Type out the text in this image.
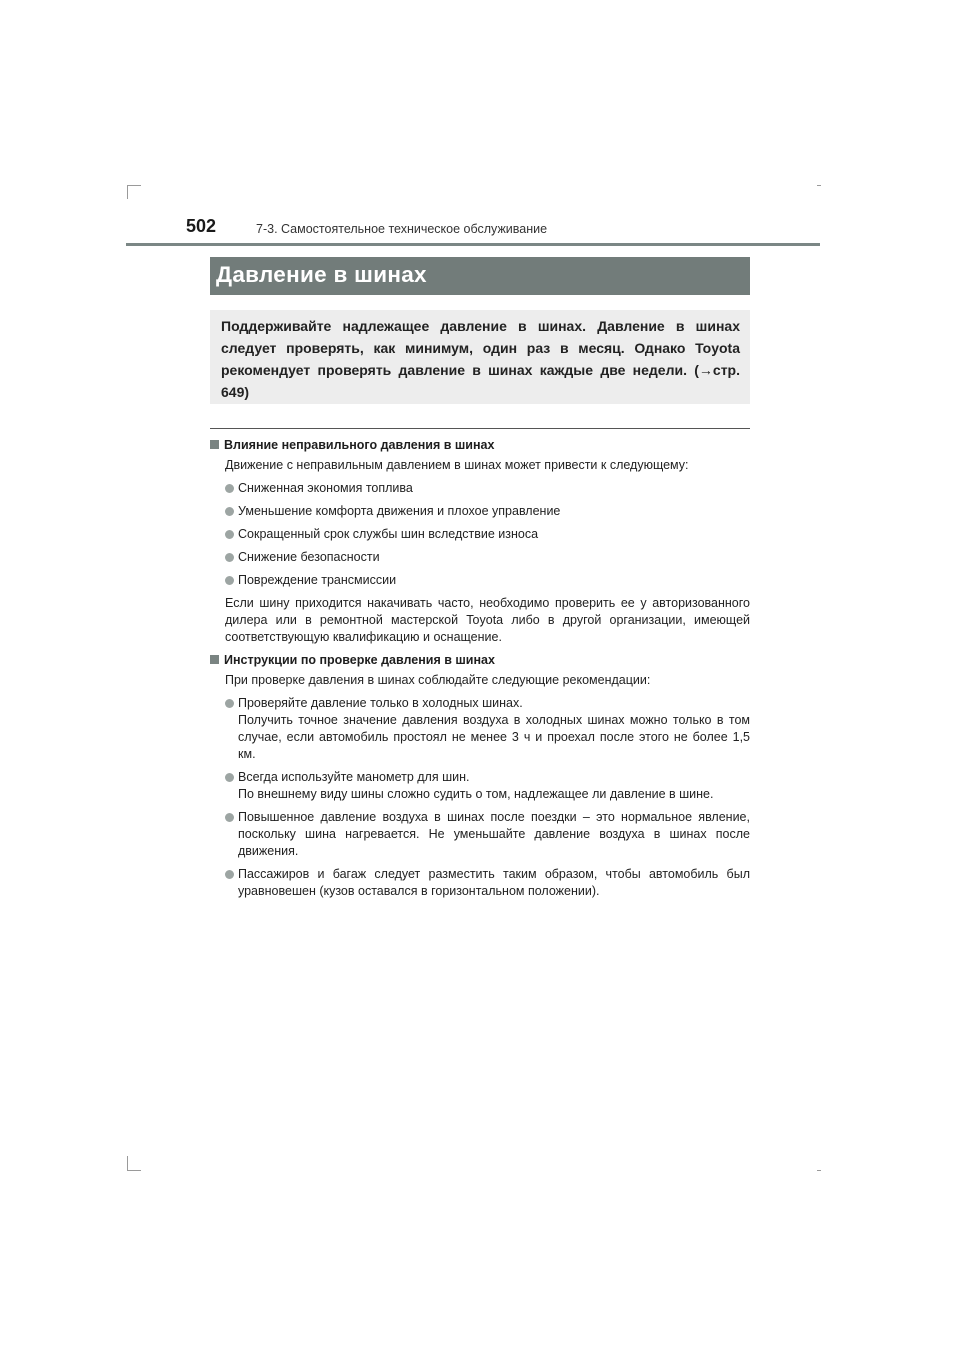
502	7-3. Самостоятельное техническое обслуживание
Давление в шинах
Поддерживайте надлежащее давление в шинах. Давление в шинах следует проверять, как минимум, один раз в месяц. Однако Toyota рекомендует проверять давление в шинах каждые две недели. (→стр. 649)
Влияние неправильного давления в шинах
Движение с неправильным давлением в шинах может привести к следующему:
Сниженная экономия топлива
Уменьшение комфорта движения и плохое управление
Сокращенный срок службы шин вследствие износа
Снижение безопасности
Повреждение трансмиссии
Если шину приходится накачивать часто, необходимо проверить ее у авторизованного дилера или в ремонтной мастерской Toyota либо в другой организации, имеющей соответствующую квалификацию и оснащение.
Инструкции по проверке давления в шинах
При проверке давления в шинах соблюдайте следующие рекомендации:
Проверяйте давление только в холодных шинах.
Получить точное значение давления воздуха в холодных шинах можно только в том случае, если автомобиль простоял не менее 3 ч и проехал после этого не более 1,5 км.
Всегда используйте манометр для шин.
По внешнему виду шины сложно судить о том, надлежащее ли давление в шине.
Повышенное давление воздуха в шинах после поездки – это нормальное явление, поскольку шина нагревается. Не уменьшайте давление воздуха в шинах после движения.
Пассажиров и багаж следует разместить таким образом, чтобы автомобиль был уравновешен (кузов оставался в горизонтальном положении).
